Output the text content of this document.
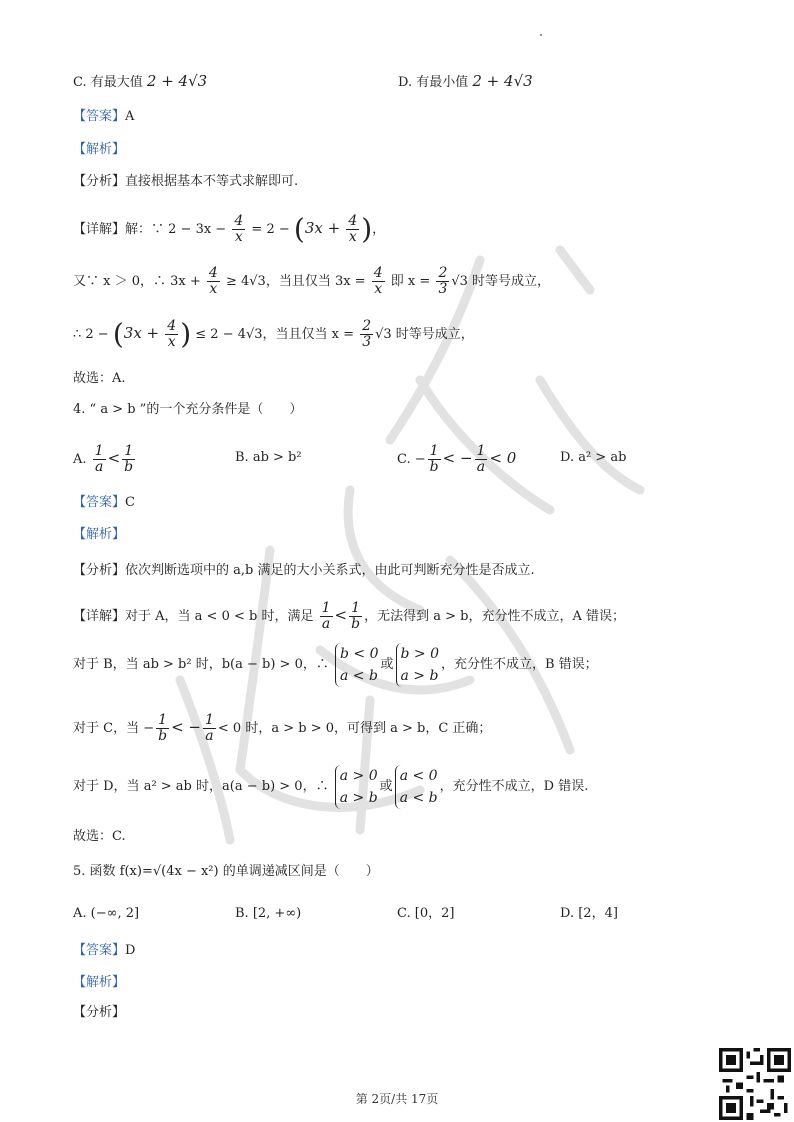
C. 有最大值 2 + 4√3	D. 有最小值 2 + 4√3
【答案】A
【解析】
【分析】直接根据基本不等式求解即可.
【详解】解：∵ $2 - 3x - \frac{4}{x} = 2 - (3x + \frac{4}{x}$ )，
又∵ x ＞ 0，∴ $3x + \frac{4}{x} \ge 4√3$，当且仅当 $3x = \frac{4}{x}$ 即 $x = \frac{2}{3} √3$ 时等号成立，
∴ $2 - (3x + \frac{4}{x}$ ) ≤ 2 − 4√3，当且仅当 $x = \frac{2}{3} √3$ 时等号成立，
故选：A.
4. “ a > b ”的一个充分条件是（　　）
A. $\frac{1}{a} < \frac{1}{b}$	B. ab > b²	C. − $\frac{1}{b}$ < − $\frac{1}{a} < 0$	D. a² > ab
【答案】C
【解析】
【分析】依次判断选项中的 a,b 满足的大小关系式，由此可判断充分性是否成立.
【详解】对于 A，当 a < 0 < b 时，满足 $\frac{1}{a} < \frac{1}{b}$ ，无法得到 a > b，充分性不成立，A 错误；
对于 B，当 ab > b² 时，b(a − b) > 0，∴ b < 0
a < b或b > 0
a > b，充分性不成立，B 错误；
对于 C，当 − $\frac{1}{b}$ < − $\frac{1}{a} < 0$ 时，a > b > 0，可得到 a > b，C 正确；
对于 D，当 a² > ab 时，a(a − b) > 0，∴ a > 0
a > b或a < 0
a < b，充分性不成立，D 错误.
故选：C.
5. 函数 f(x)=√(4x − x²) 的单调递减区间是（　　）
A. (−∞, 2]	B. [2, +∞)	C. [0，2]	D. [2，4]
【答案】D
【解析】
【分析】
第 2页/共 17页
